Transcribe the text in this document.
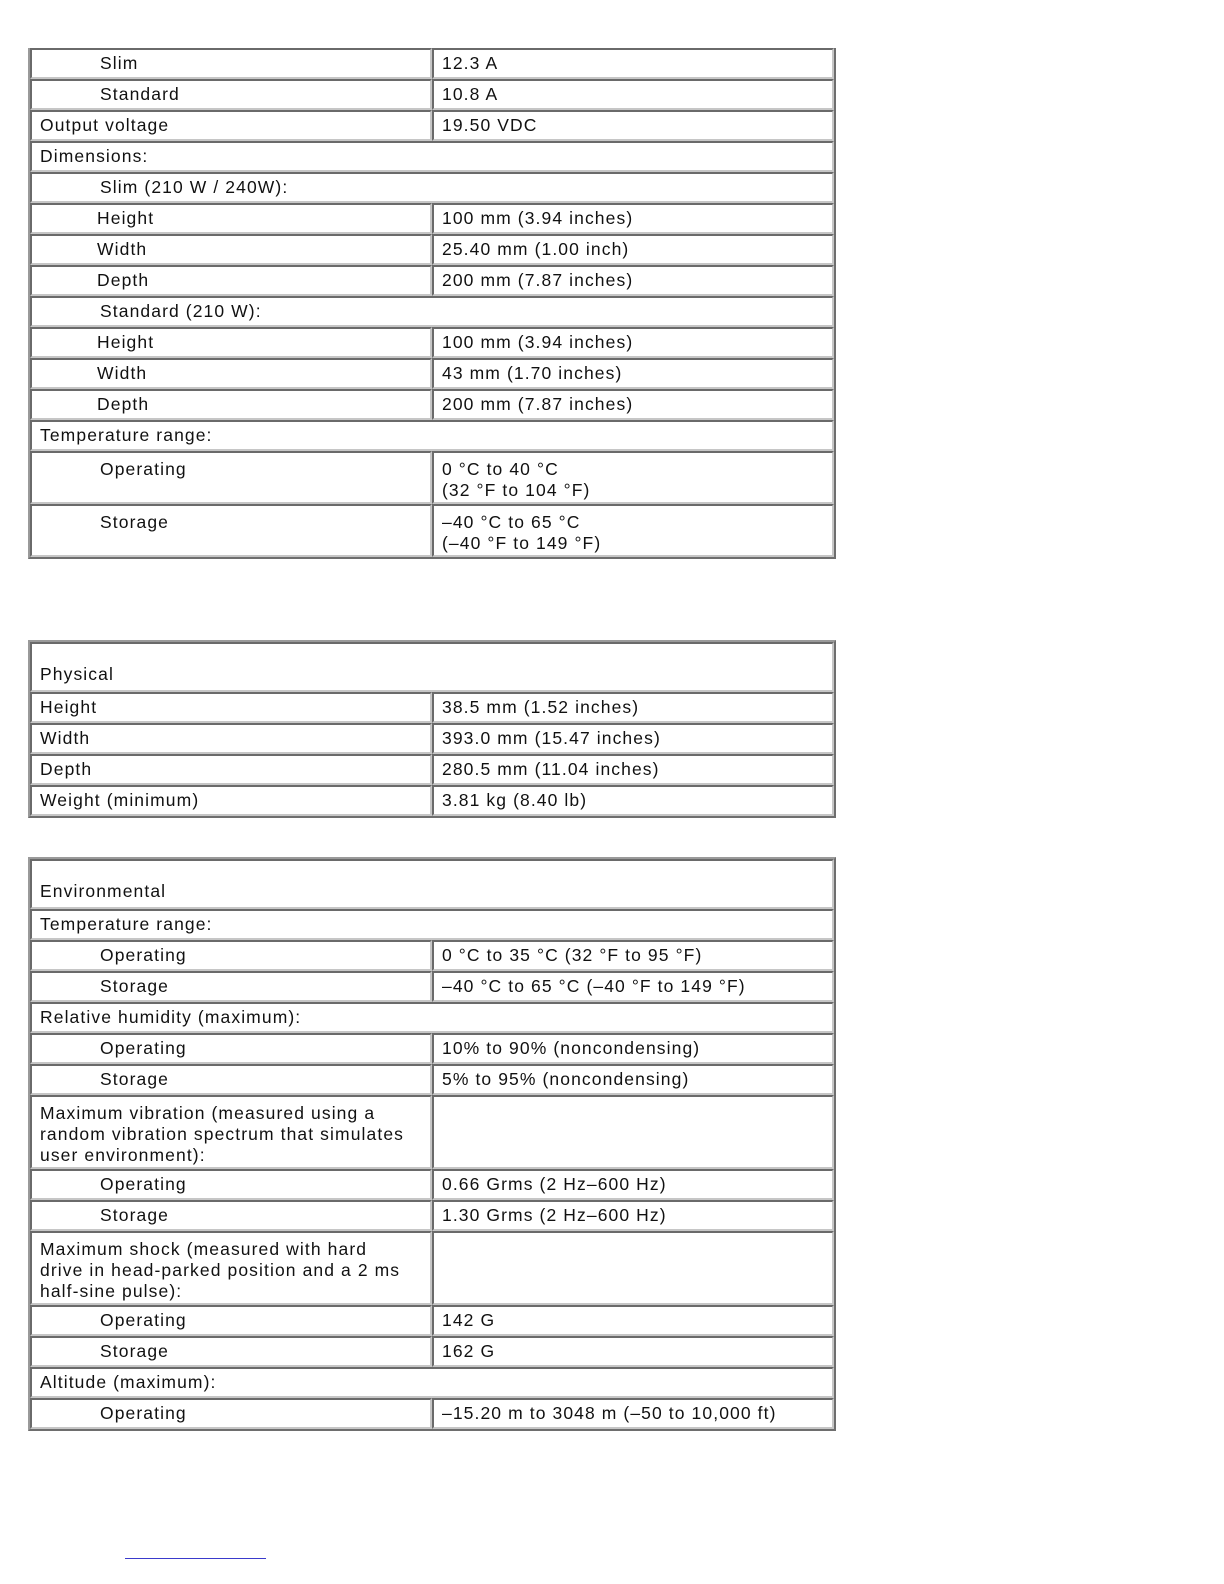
Slim	12.3 A
Standard	10.8 A
Output voltage	19.50 VDC
Dimensions:	
Slim (210 W / 240W):	
Height	100 mm (3.94 inches)
Width	25.40 mm (1.00 inch)
Depth	200 mm (7.87 inches)
Standard (210 W):	
Height	100 mm (3.94 inches)
Width	43 mm (1.70 inches)
Depth	200 mm (7.87 inches)
Temperature range:	
Operating	0 °C to 40 °C
(32 °F to 104 °F)

Storage	–40 °C to 65 °C
(–40 °F to 149 °F)
Physical	
Height	38.5 mm (1.52 inches)
Width	393.0 mm (15.47 inches)
Depth	280.5 mm (11.04 inches)
Weight (minimum)	3.81 kg (8.40 lb)
Environmental	
Temperature range:	
Operating	0 °C to 35 °C (32 °F to 95 °F)
Storage	–40 °C to 65 °C (–40 °F to 149 °F)
Relative humidity (maximum):	
Operating	10% to 90% (noncondensing)
Storage	5% to 95% (noncondensing)

Maximum vibration (measured using a
random vibration spectrum that simulates
user environment):	

Operating	0.66 Grms (2 Hz–600 Hz)
Storage	1.30 Grms (2 Hz–600 Hz)

Maximum shock (measured with hard
drive in head-parked position and a 2 ms
half-sine pulse):	

Operating	142 G
Storage	162 G
Altitude (maximum):	
Operating	–15.20 m to 3048 m (–50 to 10,000 ft)
